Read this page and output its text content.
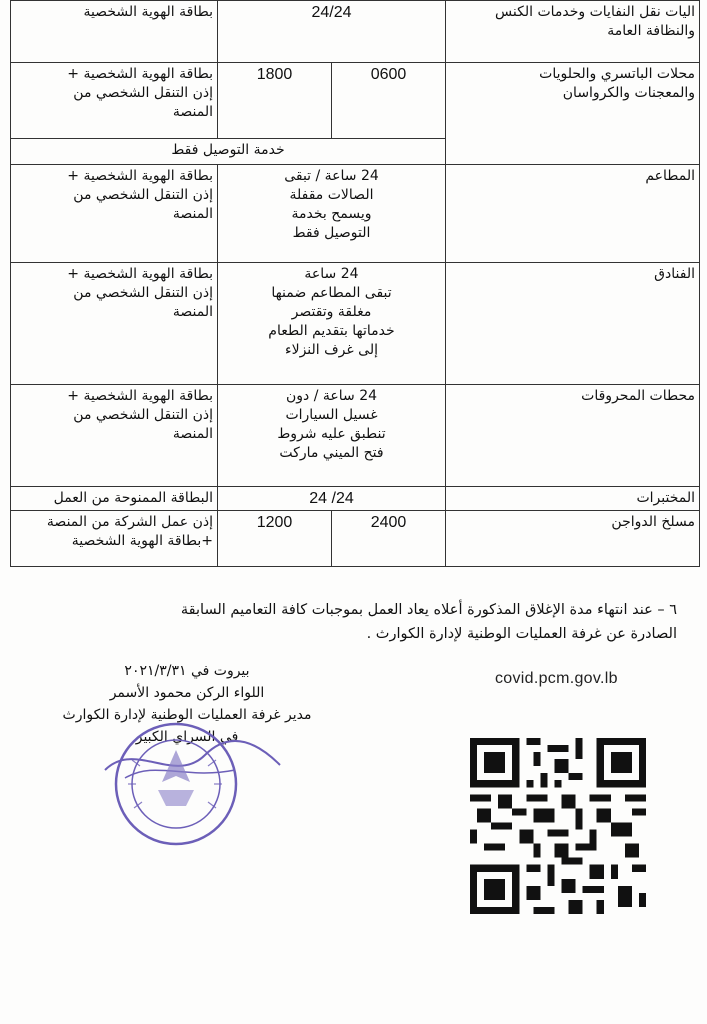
اليات نقل النفايات وخدمات الكنس
والنظافة العامة	24/24		بطاقة الهوية الشخصية

محلات الباتسري والحلويات
والمعجنات والكرواسان	0600	1800	بطاقة الهوية الشخصية +
إذن التنقل الشخصي من
المنصة

	خدمة التوصيل فقط		

المطاعم	24 ساعة / تبقى
الصالات مقفلة
ويسمح بخدمة
التوصيل فقط		بطاقة الهوية الشخصية +
إذن التنقل الشخصي من
المنصة

الفنادق	24 ساعة
تبقى المطاعم ضمنها
مغلقة وتقتصر
خدماتها بتقديم الطعام
إلى غرف النزلاء		بطاقة الهوية الشخصية +
إذن التنقل الشخصي من
المنصة

محطات المحروقات	24 ساعة / دون
غسيل السيارات
تنطبق عليه شروط
فتح الميني ماركت		بطاقة الهوية الشخصية +
إذن التنقل الشخصي من
المنصة

المختبرات	24/ 24		البطاقة الممنوحة من العمل

مسلخ الدواجن	2400	1200	إذن عمل الشركة من المنصة
+بطاقة الهوية الشخصية
٦ – عند انتهاء مدة الإغلاق المذكورة أعلاه يعاد العمل بموجبات كافة التعاميم السابقة
الصادرة عن غرفة العمليات الوطنية لإدارة الكوارث .
بيروت في ٢٠٢١/٣/٣١
اللواء الركن محمود الأسمر
مدير غرفة العمليات الوطنية لإدارة الكوارث
في السراي الكبير
covid.pcm.gov.lb
